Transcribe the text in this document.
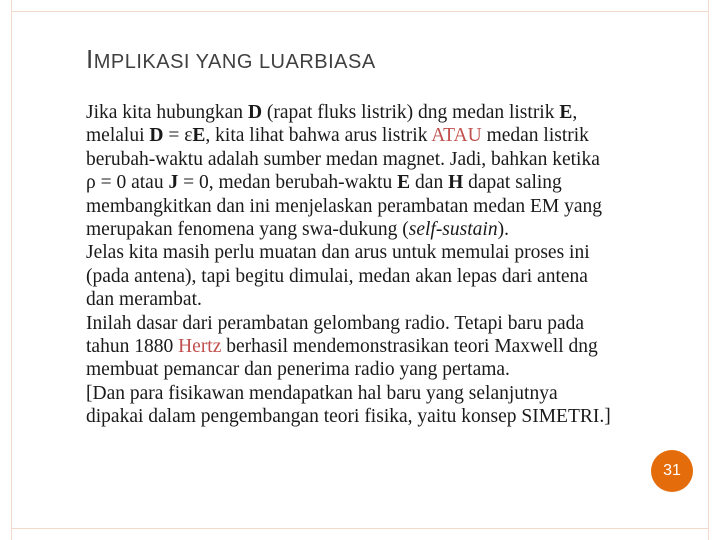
IMPLIKASI YANG LUARBIASA

Jika kita hubungkan D (rapat fluks listrik) dng medan listrik E,
melalui D = εE, kita lihat bahwa arus listrik ATAU medan listrik
berubah-waktu adalah sumber medan magnet. Jadi, bahkan ketika
ρ = 0 atau J = 0, medan berubah-waktu E dan H dapat saling
membangkitkan dan ini menjelaskan perambatan medan EM yang
merupakan fenomena yang swa-dukung (self-sustain).

Jelas kita masih perlu muatan dan arus untuk memulai proses ini
(pada antena), tapi begitu dimulai, medan akan lepas dari antena
dan merambat.

Inilah dasar dari perambatan gelombang radio. Tetapi baru pada
tahun 1880 Hertz berhasil mendemonstrasikan teori Maxwell dng
membuat pemancar dan penerima radio yang pertama.

[Dan para fisikawan mendapatkan hal baru yang selanjutnya
dipakai dalam pengembangan teori fisika, yaitu konsep SIMETRI.]

31
